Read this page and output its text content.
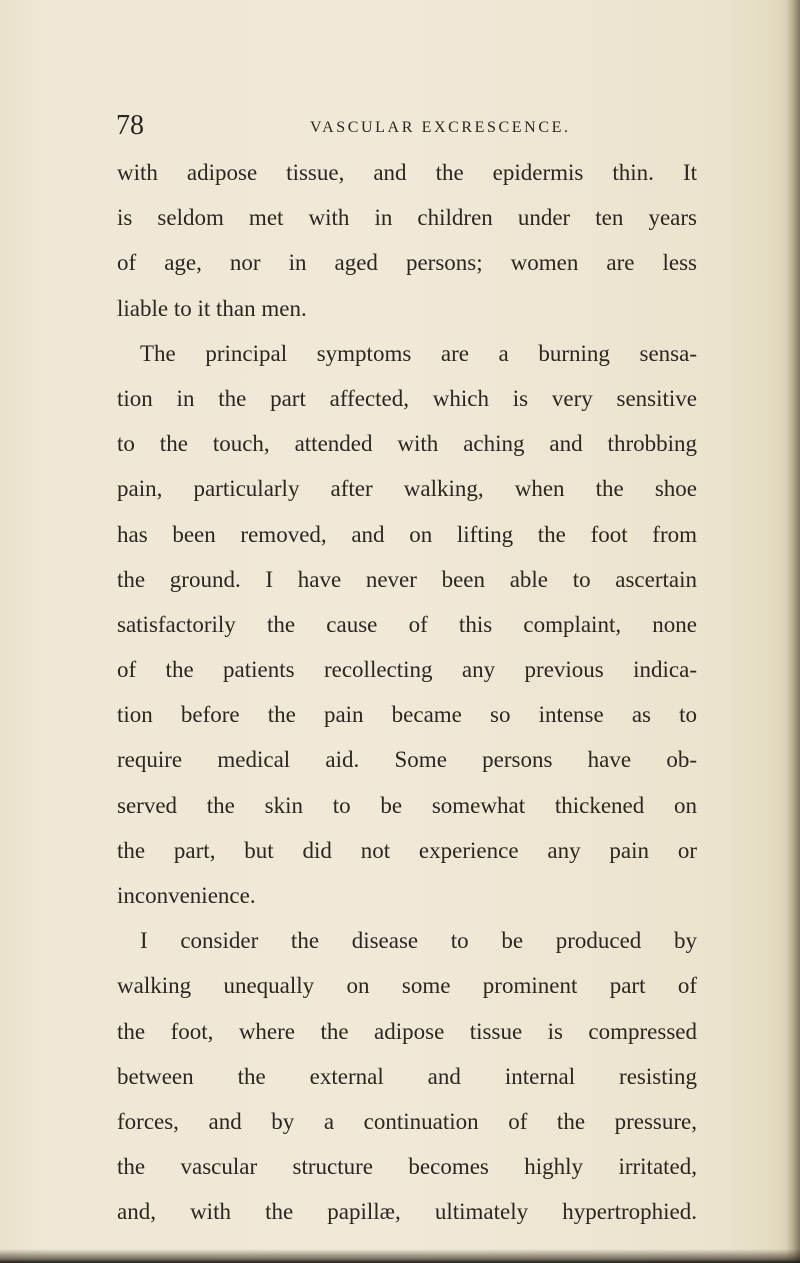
78	VASCULAR EXCRESCENCE.
with adipose tissue, and the epidermis thin. It
is seldom met with in children under ten years
of age, nor in aged persons; women are less
liable to it than men.
The principal symptoms are a burning sensa-
tion in the part affected, which is very sensitive
to the touch, attended with aching and throbbing
pain, particularly after walking, when the shoe
has been removed, and on lifting the foot from
the ground. I have never been able to ascertain
satisfactorily the cause of this complaint, none
of the patients recollecting any previous indica-
tion before the pain became so intense as to
require medical aid. Some persons have ob-
served the skin to be somewhat thickened on
the part, but did not experience any pain or
inconvenience.
I consider the disease to be produced by
walking unequally on some prominent part of
the foot, where the adipose tissue is compressed
between the external and internal resisting
forces, and by a continuation of the pressure,
the vascular structure becomes highly irritated,
and, with the papillæ, ultimately hypertrophied.
